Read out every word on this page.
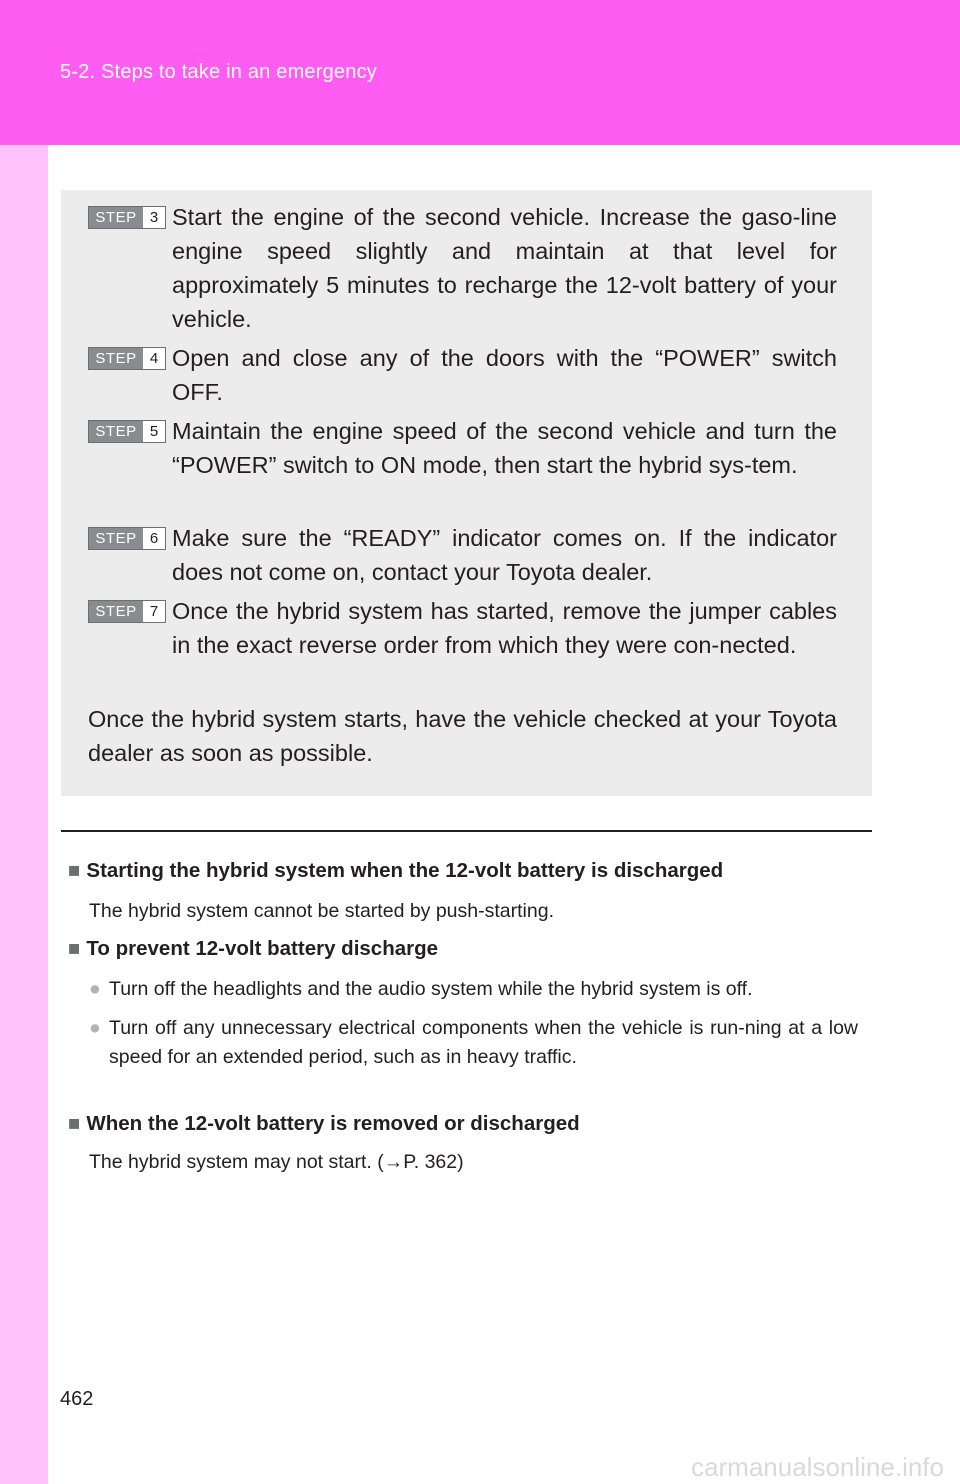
5-2. Steps to take in an emergency
STEP 3 Start the engine of the second vehicle. Increase the gaso-line engine speed slightly and maintain at that level for approximately 5 minutes to recharge the 12-volt battery of your vehicle.
STEP 4 Open and close any of the doors with the “POWER” switch OFF.
STEP 5 Maintain the engine speed of the second vehicle and turn the “POWER” switch to ON mode, then start the hybrid sys-tem.
STEP 6 Make sure the “READY” indicator comes on. If the indicator does not come on, contact your Toyota dealer.
STEP 7 Once the hybrid system has started, remove the jumper cables in the exact reverse order from which they were con-nected.
Once the hybrid system starts, have the vehicle checked at your Toyota dealer as soon as possible.
■ Starting the hybrid system when the 12-volt battery is discharged
The hybrid system cannot be started by push-starting.
■ To prevent 12-volt battery discharge
● Turn off the headlights and the audio system while the hybrid system is off.
● Turn off any unnecessary electrical components when the vehicle is run-ning at a low speed for an extended period, such as in heavy traffic.
■ When the 12-volt battery is removed or discharged
The hybrid system may not start. (→P. 362)
462
carmanualsonline.info
